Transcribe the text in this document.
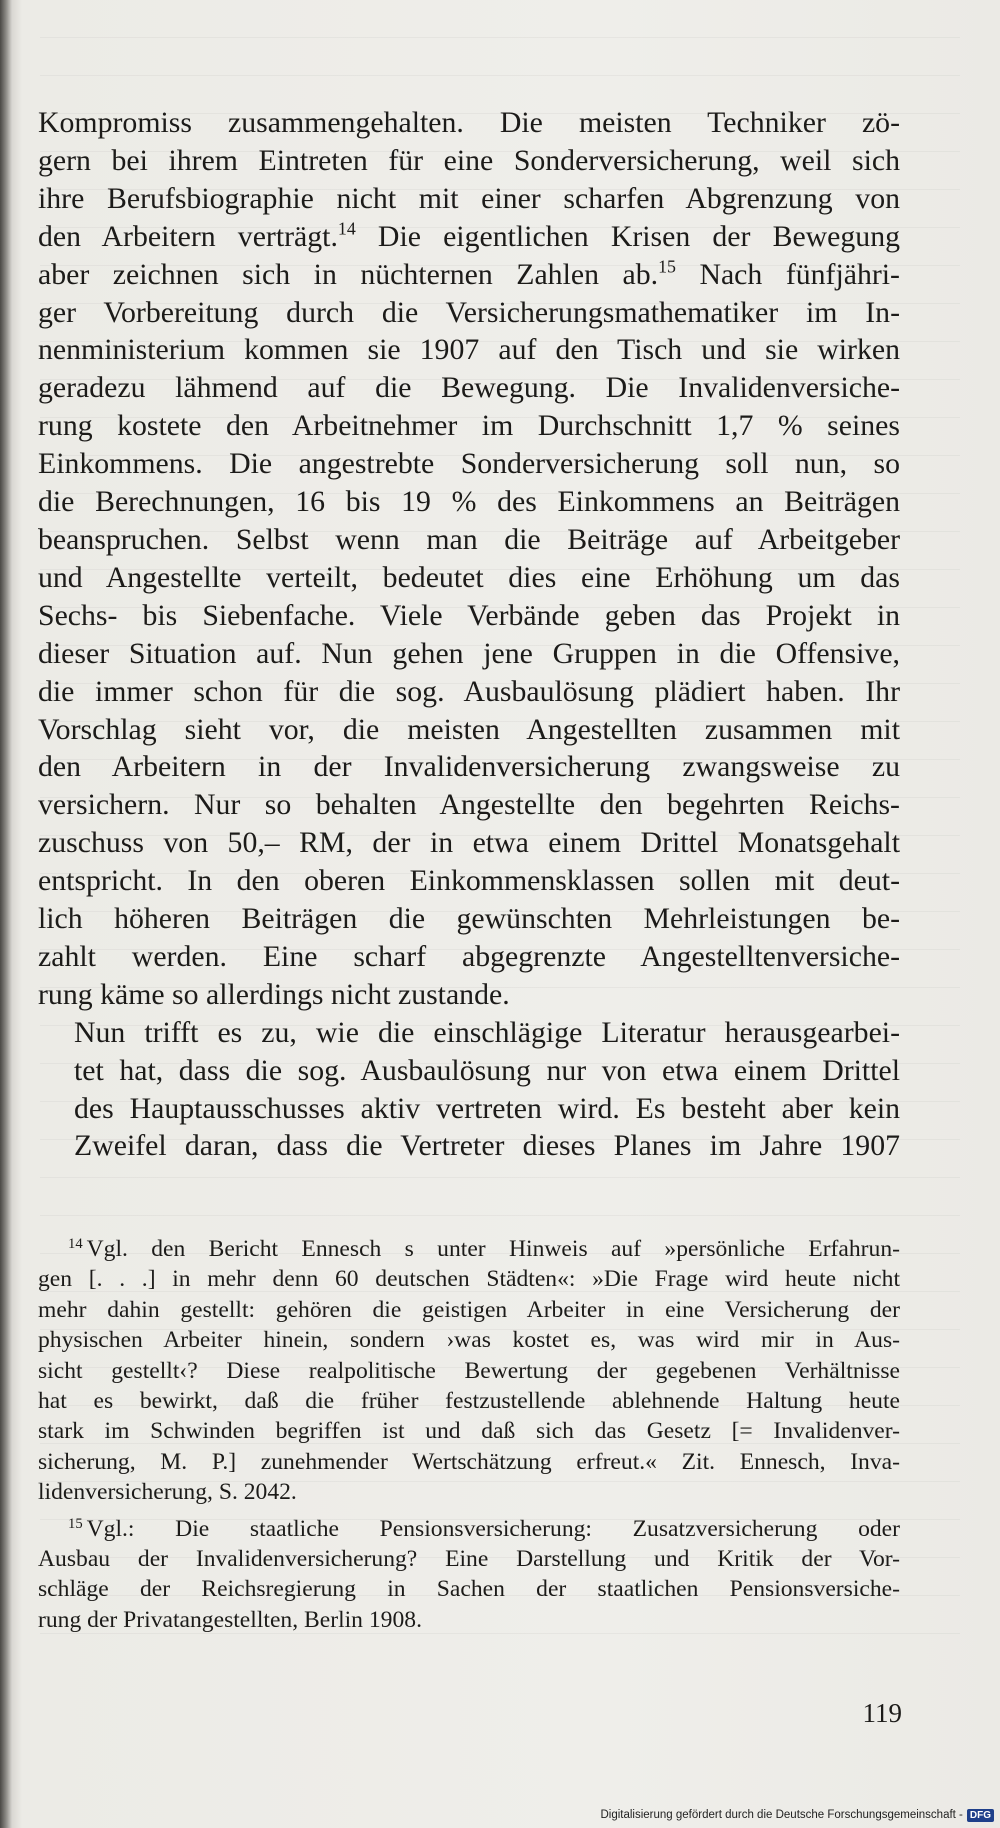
Kompromiss zusammengehalten. Die meisten Techniker zö-
gern bei ihrem Eintreten für eine Sonderversicherung, weil sich
ihre Berufsbiographie nicht mit einer scharfen Abgrenzung von
den Arbeitern verträgt.$^{14}$ Die eigentlichen Krisen der Bewegung
aber zeichnen sich in nüchternen Zahlen ab.$^{15}$ Nach fünfjähri-
ger Vorbereitung durch die Versicherungsmathematiker im In-
nenministerium kommen sie 1907 auf den Tisch und sie wirken
geradezu lähmend auf die Bewegung. Die Invalidenversiche-
rung kostete den Arbeitnehmer im Durchschnitt 1,7 % seines
Einkommens. Die angestrebte Sonderversicherung soll nun, so
die Berechnungen, 16 bis 19 % des Einkommens an Beiträgen
beanspruchen. Selbst wenn man die Beiträge auf Arbeitgeber
und Angestellte verteilt, bedeutet dies eine Erhöhung um das
Sechs- bis Siebenfache. Viele Verbände geben das Projekt in
dieser Situation auf. Nun gehen jene Gruppen in die Offensive,
die immer schon für die sog. Ausbaulösung plädiert haben. Ihr
Vorschlag sieht vor, die meisten Angestellten zusammen mit
den Arbeitern in der Invalidenversicherung zwangsweise zu
versichern. Nur so behalten Angestellte den begehrten Reichs-
zuschuss von 50,– RM, der in etwa einem Drittel Monatsgehalt
entspricht. In den oberen Einkommensklassen sollen mit deut-
lich höheren Beiträgen die gewünschten Mehrleistungen be-
zahlt werden. Eine scharf abgegrenzte Angestelltenversiche-
rung käme so allerdings nicht zustande.

Nun trifft es zu, wie die einschlägige Literatur herausgearbei-
tet hat, dass die sog. Ausbaulösung nur von etwa einem Drittel
des Hauptausschusses aktiv vertreten wird. Es besteht aber kein
Zweifel daran, dass die Vertreter dieses Planes im Jahre 1907

$^{14}$ Vgl. den Bericht Ennesch s unter Hinweis auf »persönliche Erfahrun-
gen [. . .] in mehr denn 60 deutschen Städten«: »Die Frage wird heute nicht
mehr dahin gestellt: gehören die geistigen Arbeiter in eine Versicherung der
physischen Arbeiter hinein, sondern ›was kostet es, was wird mir in Aus-
sicht gestellt‹? Diese realpolitische Bewertung der gegebenen Verhältnisse
hat es bewirkt, daß die früher festzustellende ablehnende Haltung heute
stark im Schwinden begriffen ist und daß sich das Gesetz [= Invalidenver-
sicherung, M. P.] zunehmender Wertschätzung erfreut.« Zit. Ennesch, Inva-
lidenversicherung, S. 2042.
$^{15}$ Vgl.: Die staatliche Pensionsversicherung: Zusatzversicherung oder
Ausbau der Invalidenversicherung? Eine Darstellung und Kritik der Vor-
schläge der Reichsregierung in Sachen der staatlichen Pensionsversiche-
rung der Privatangestellten, Berlin 1908.
119
Digitalisierung gefördert durch die Deutsche Forschungsgemeinschaft - DFG
